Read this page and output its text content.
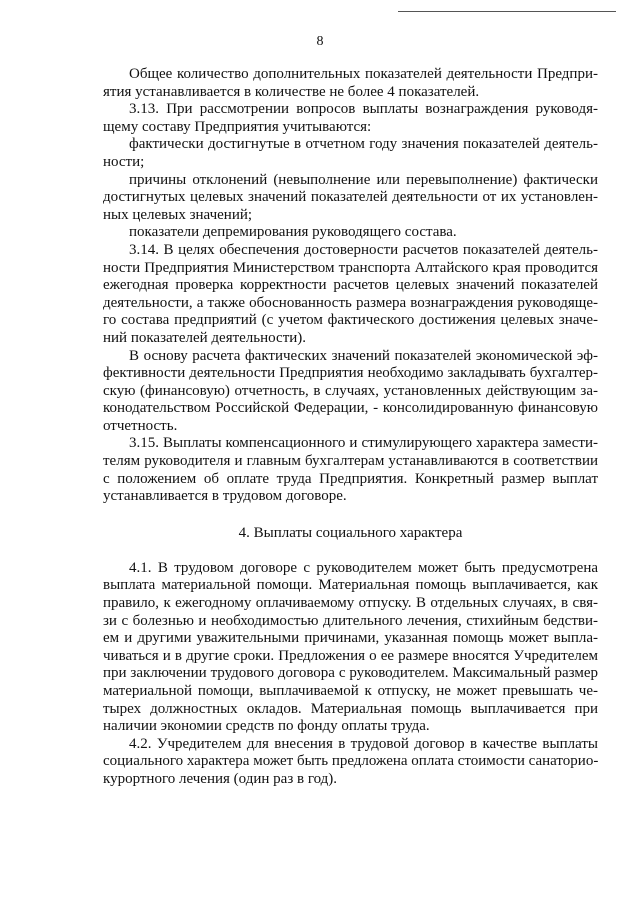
8

Общее количество дополнительных показателей деятельности Предпри-
ятия устанавливается в количестве не более 4 показателей.

3.13. При рассмотрении вопросов выплаты вознаграждения руководя-
щему составу Предприятия учитываются:

фактически достигнутые в отчетном году значения показателей деятель-
ности;

причины отклонений (невыполнение или перевыполнение) фактически
достигнутых целевых значений показателей деятельности от их установлен-
ных целевых значений;

показатели депремирования руководящего состава.

3.14. В целях обеспечения достоверности расчетов показателей деятель-
ности Предприятия Министерством транспорта Алтайского края проводится
ежегодная проверка корректности расчетов целевых значений показателей
деятельности, а также обоснованность размера вознаграждения руководяще-
го состава предприятий (с учетом фактического достижения целевых значе-
ний показателей деятельности).

В основу расчета фактических значений показателей экономической эф-
фективности деятельности Предприятия необходимо закладывать бухгалтер-
скую (финансовую) отчетность, в случаях, установленных действующим за-
конодательством Российской Федерации, - консолидированную финансовую
отчетность.

3.15. Выплаты компенсационного и стимулирующего характера замести-
телям руководителя и главным бухгалтерам устанавливаются в соответствии
с положением об оплате труда Предприятия. Конкретный размер выплат
устанавливается в трудовом договоре.

4. Выплаты социального характера

4.1. В трудовом договоре с руководителем может быть предусмотрена
выплата материальной помощи. Материальная помощь выплачивается, как
правило, к ежегодному оплачиваемому отпуску. В отдельных случаях, в свя-
зи с болезнью и необходимостью длительного лечения, стихийным бедстви-
ем и другими уважительными причинами, указанная помощь может выпла-
чиваться и в другие сроки. Предложения о ее размере вносятся Учредителем
при заключении трудового договора с руководителем. Максимальный размер
материальной помощи, выплачиваемой к отпуску, не может превышать че-
тырех должностных окладов. Материальная помощь выплачивается при
наличии экономии средств по фонду оплаты труда.

4.2. Учредителем для внесения в трудовой договор в качестве выплаты
социального характера может быть предложена оплата стоимости санаторио-
курортного лечения (один раз в год).
